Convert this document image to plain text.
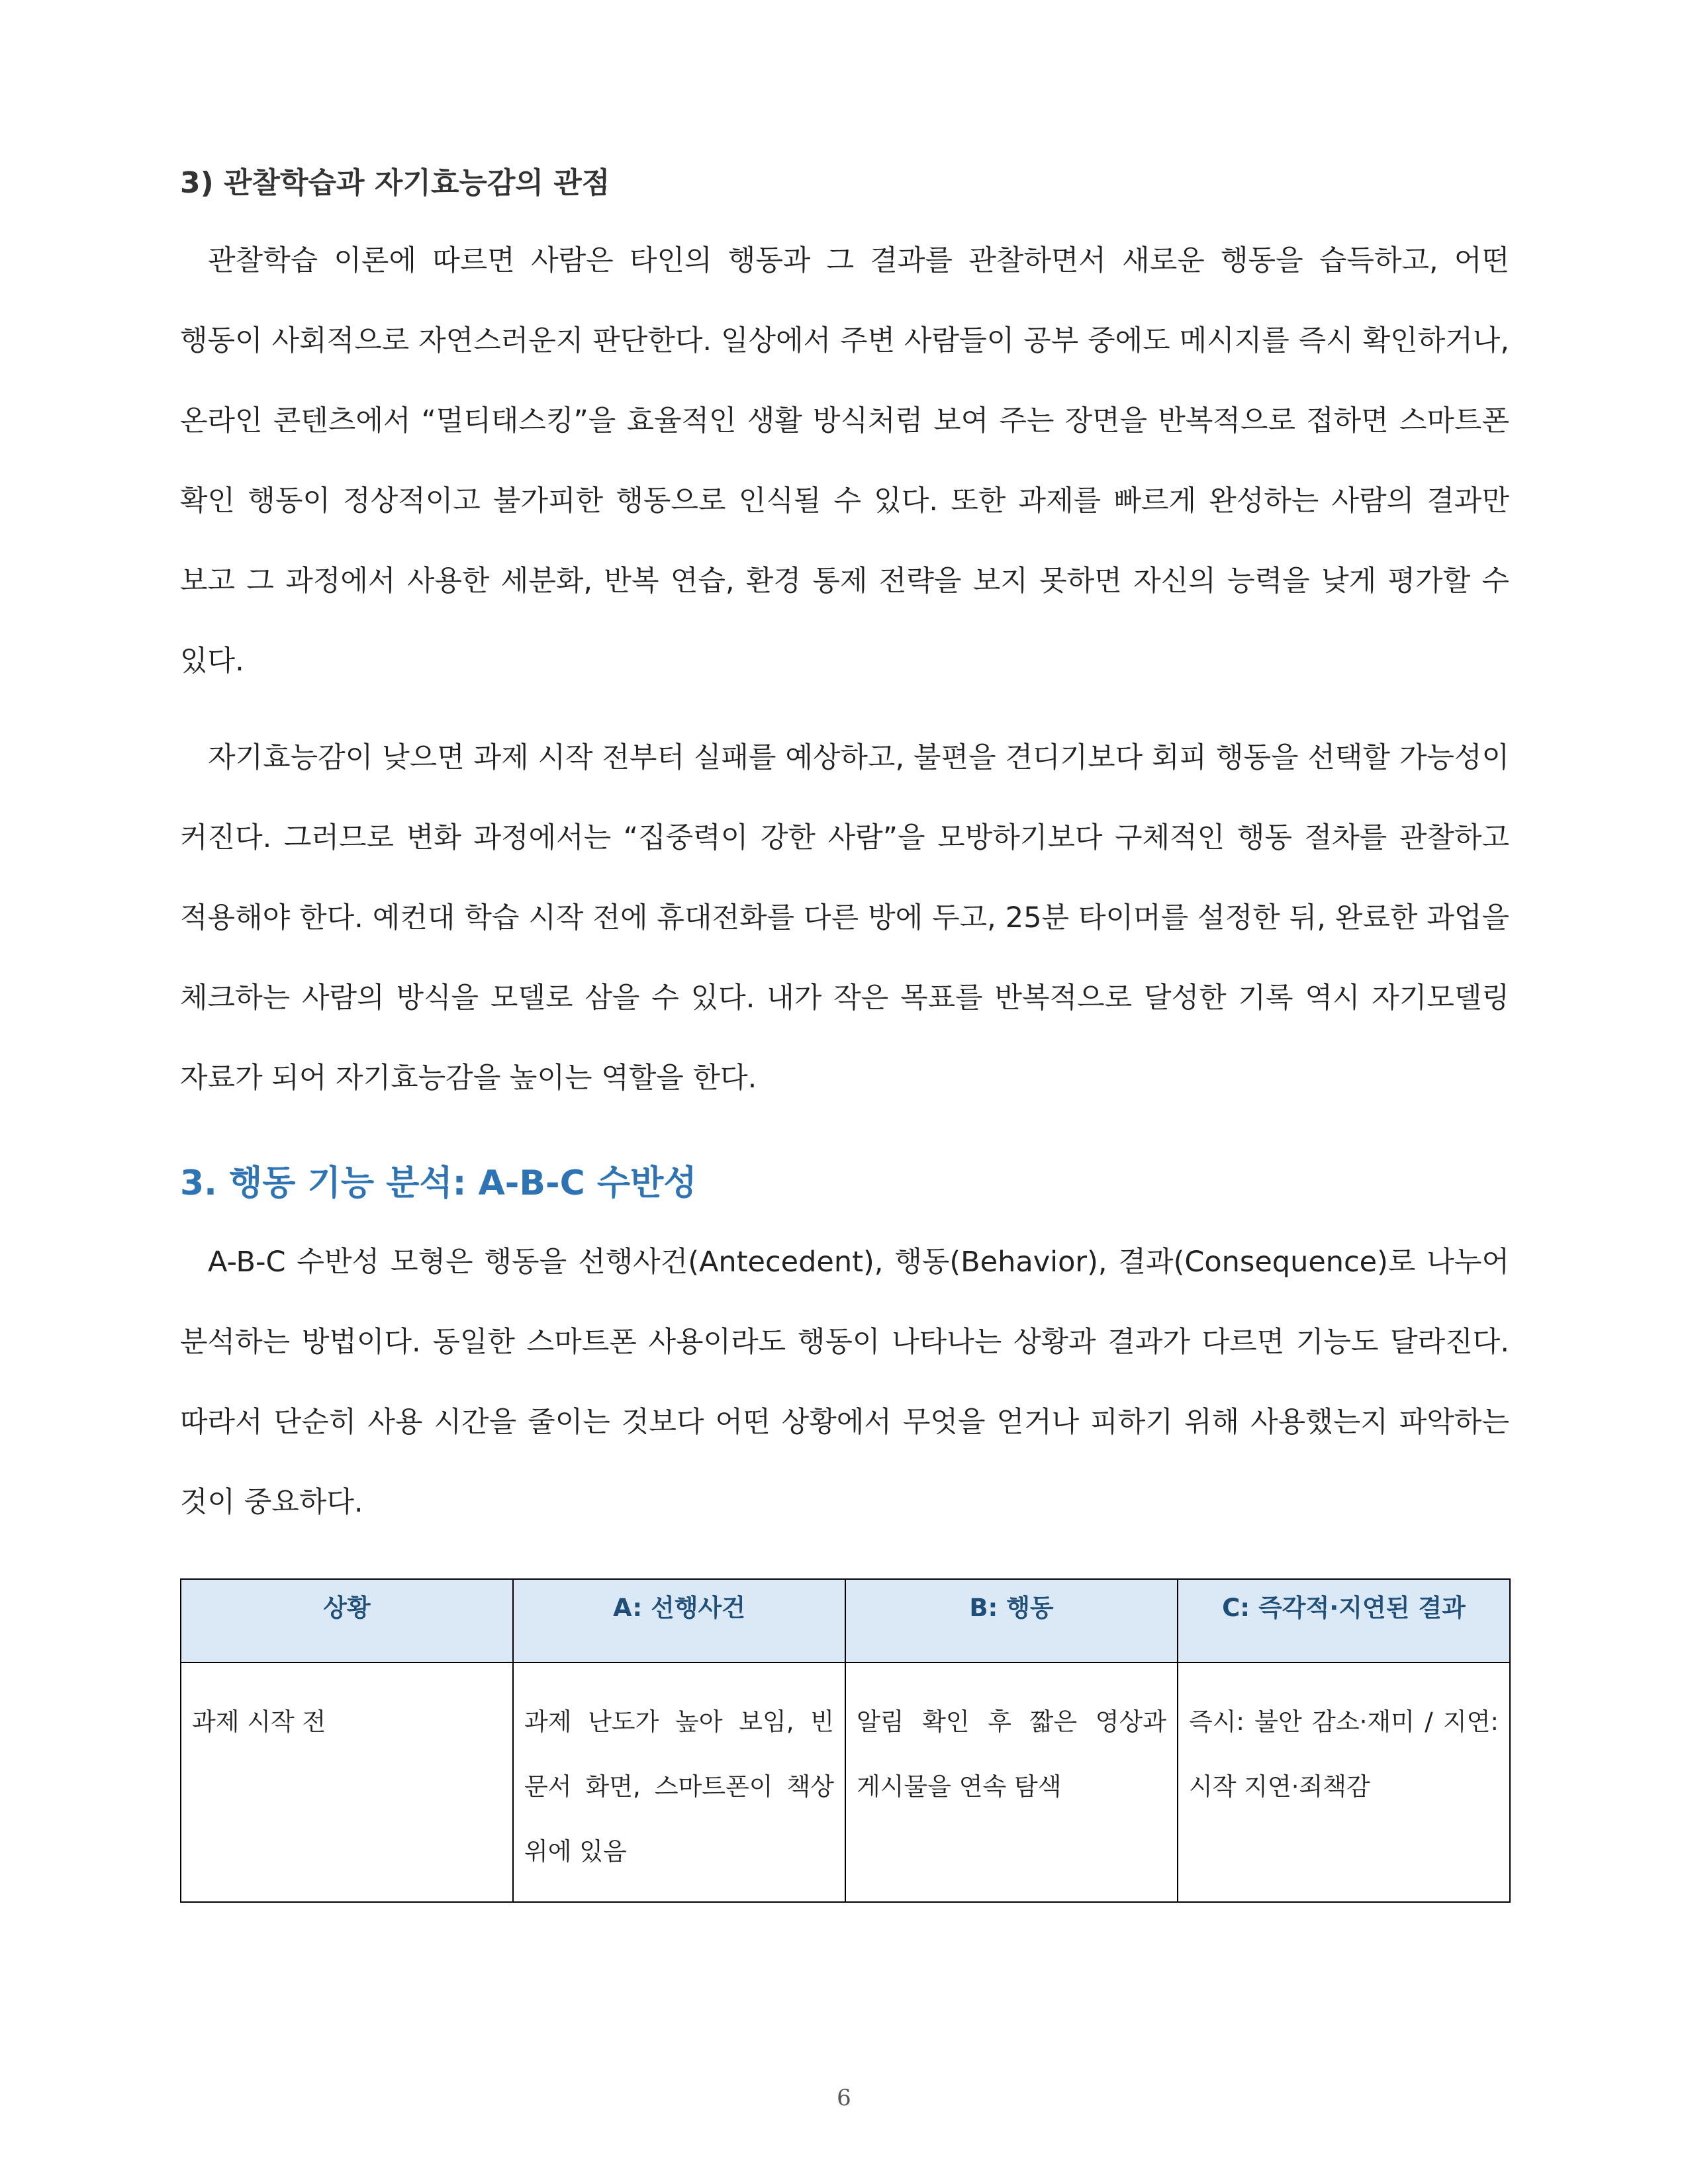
3) 관찰학습과 자기효능감의 관점

관찰학습 이론에 따르면 사람은 타인의 행동과 그 결과를 관찰하면서 새로운 행동을 습득하고, 어떤 행동이 사회적으로 자연스러운지 판단한다. 일상에서 주변 사람들이 공부 중에도 메시지를 즉시 확인하거나, 온라인 콘텐츠에서 “멀티태스킹”을 효율적인 생활 방식처럼 보여 주는 장면을 반복적으로 접하면 스마트폰 확인 행동이 정상적이고 불가피한 행동으로 인식될 수 있다. 또한 과제를 빠르게 완성하는 사람의 결과만 보고 그 과정에서 사용한 세분화, 반복 연습, 환경 통제 전략을 보지 못하면 자신의 능력을 낮게 평가할 수 있다.

자기효능감이 낮으면 과제 시작 전부터 실패를 예상하고, 불편을 견디기보다 회피 행동을 선택할 가능성이 커진다. 그러므로 변화 과정에서는 “집중력이 강한 사람”을 모방하기보다 구체적인 행동 절차를 관찰하고 적용해야 한다. 예컨대 학습 시작 전에 휴대전화를 다른 방에 두고, 25분 타이머를 설정한 뒤, 완료한 과업을 체크하는 사람의 방식을 모델로 삼을 수 있다. 내가 작은 목표를 반복적으로 달성한 기록 역시 자기모델링 자료가 되어 자기효능감을 높이는 역할을 한다.

3. 행동 기능 분석: A-B-C 수반성

A-B-C 수반성 모형은 행동을 선행사건(Antecedent), 행동(Behavior), 결과(Consequence)로 나누어 분석하는 방법이다. 동일한 스마트폰 사용이라도 행동이 나타나는 상황과 결과가 다르면 기능도 달라진다. 따라서 단순히 사용 시간을 줄이는 것보다 어떤 상황에서 무엇을 얻거나 피하기 위해 사용했는지 파악하는 것이 중요하다.

상황	A: 선행사건	B: 행동	C: 즉각적·지연된 결과
과제 시작 전	과제 난도가 높아 보임, 빈 문서 화면, 스마트폰이 책상 위에 있음	알림 확인 후 짧은 영상과 게시물을 연속 탐색	즉시: 불안 감소·재미 / 지연: 시작 지연·죄책감
6
